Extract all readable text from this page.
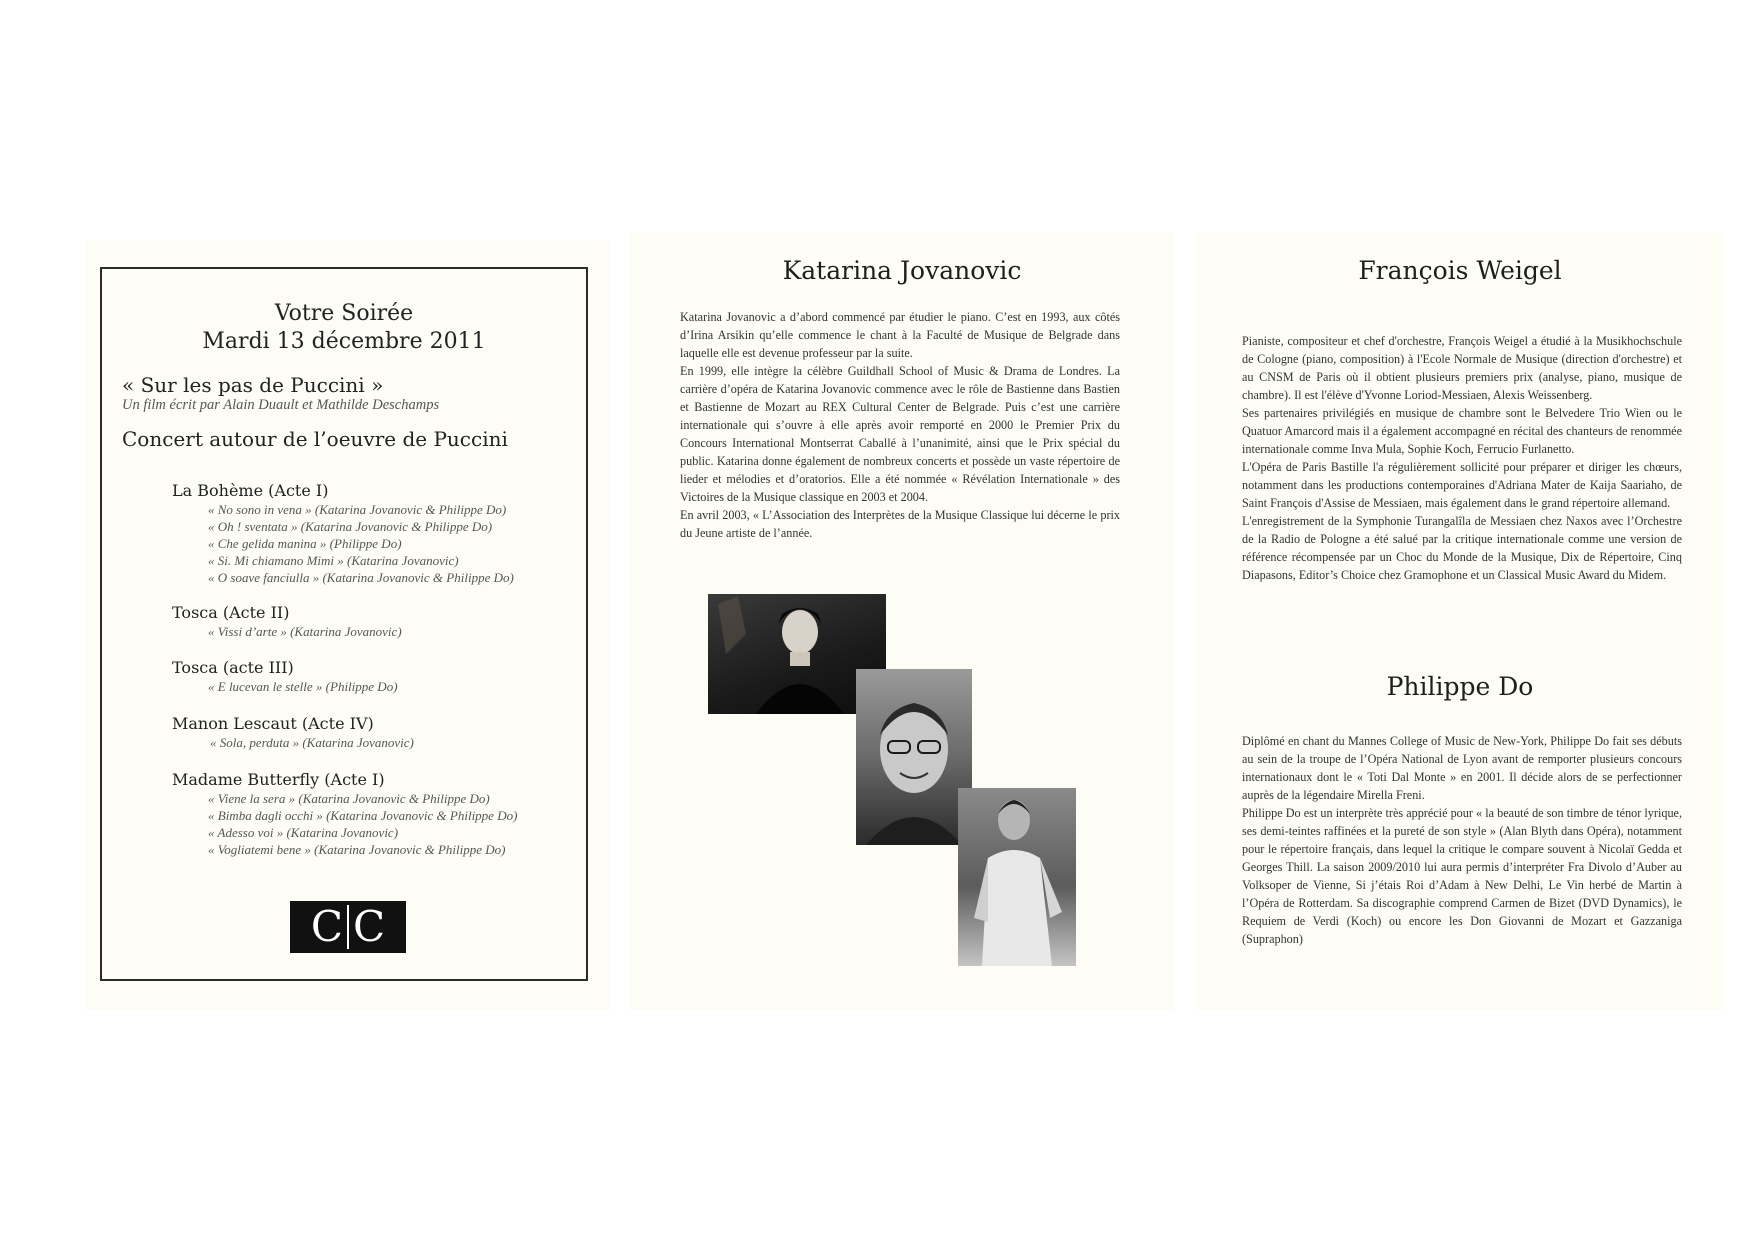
Votre Soirée
Mardi 13 décembre 2011
« Sur les pas de Puccini »
Un film écrit par Alain Duault et Mathilde Deschamps
Concert autour de l’oeuvre de Puccini
La Bohème (Acte I)
« No sono in vena » (Katarina Jovanovic & Philippe Do)
« Oh ! sventata » (Katarina Jovanovic & Philippe Do)
« Che gelida manina » (Philippe Do)
« Si. Mi chiamano Mimi » (Katarina Jovanovic)
« O soave fanciulla » (Katarina Jovanovic & Philippe Do)
Tosca (Acte II)
« Vissi d’arte » (Katarina Jovanovic)
Tosca (acte III)
« E lucevan le stelle » (Philippe Do)
Manon Lescaut (Acte IV)
« Sola, perduta » (Katarina Jovanovic)
Madame Butterfly (Acte I)
« Viene la sera » (Katarina Jovanovic & Philippe Do)
« Bimba dagli occhi » (Katarina Jovanovic & Philippe Do)
« Adesso voi » (Katarina Jovanovic)
« Vogliatemi bene » (Katarina Jovanovic & Philippe Do)
C C
Katarina Jovanovic

Katarina Jovanovic a d’abord commencé par étudier le piano. C’est en 1993, aux côtés d’Irina Arsikin qu’elle commence le chant à la Faculté de Musique de Belgrade dans laquelle elle est devenue professeur par la suite.

En 1999, elle intègre la célèbre Guildhall School of Music & Drama de Londres. La carrière d’opéra de Katarina Jovanovic commence avec le rôle de Bastienne dans Bastien et Bastienne de Mozart au REX Cultural Center de Belgrade. Puis c’est une carrière internationale qui s’ouvre à elle après avoir remporté en 2000 le Premier Prix du Concours International Montserrat Caballé à l’unanimité, ainsi que le Prix spécial du public. Katarina donne également de nombreux concerts et possède un vaste répertoire de lieder et mélodies et d’oratorios. Elle a été nommée « Révélation Internationale » des Victoires de la Musique classique en 2003 et 2004.

En avril 2003, « L’Association des Interprètes de la Musique Classique lui décerne le prix du Jeune artiste de l’année.

François Weigel

Pianiste, compositeur et chef d'orchestre, François Weigel a étudié à la Musikhochschule de Cologne (piano, composition) à l'Ecole Normale de Musique (direction d'orchestre) et au CNSM de Paris où il obtient plusieurs premiers prix (analyse, piano, musique de chambre). Il est l'élève d'Yvonne Loriod-Messiaen, Alexis Weissenberg.

Ses partenaires privilégiés en musique de chambre sont le Belvedere Trio Wien ou le Quatuor Amarcord mais il a également accompagné en récital des chanteurs de renommée internationale comme Inva Mula, Sophie Koch, Ferrucio Furlanetto.

L'Opéra de Paris Bastille l'a régulièrement sollicité pour préparer et diriger les chœurs, notamment dans les productions contemporaines d'Adriana Mater de Kaija Saariaho, de Saint François d'Assise de Messiaen, mais également dans le grand répertoire allemand.

L'enregistrement de la Symphonie Turangalîla de Messiaen chez Naxos avec l’Orchestre de la Radio de Pologne a été salué par la critique internationale comme une version de référence récompensée par un Choc du Monde de la Musique, Dix de Répertoire, Cinq Diapasons, Editor’s Choice chez Gramophone et un Classical Music Award du Midem.

Philippe Do

Diplômé en chant du Mannes College of Music de New-York, Philippe Do fait ses débuts au sein de la troupe de l’Opéra National de Lyon avant de remporter plusieurs concours internationaux dont le « Toti Dal Monte » en 2001. Il décide alors de se perfectionner auprès de la légendaire Mirella Freni.

Philippe Do est un interprète très apprécié pour « la beauté de son timbre de ténor lyrique, ses demi-teintes raffinées et la pureté de son style » (Alan Blyth dans Opéra), notamment pour le répertoire français, dans lequel la critique le compare souvent à Nicolaï Gedda et Georges Thill. La saison 2009/2010 lui aura permis d’interpréter Fra Divolo d’Auber au Volksoper de Vienne, Si j’étais Roi d’Adam à New Delhi, Le Vin herbé de Martin à l’Opéra de Rotterdam. Sa discographie comprend Carmen de Bizet (DVD Dynamics), le Requiem de Verdi (Koch) ou encore les Don Giovanni de Mozart et Gazzaniga (Supraphon)
